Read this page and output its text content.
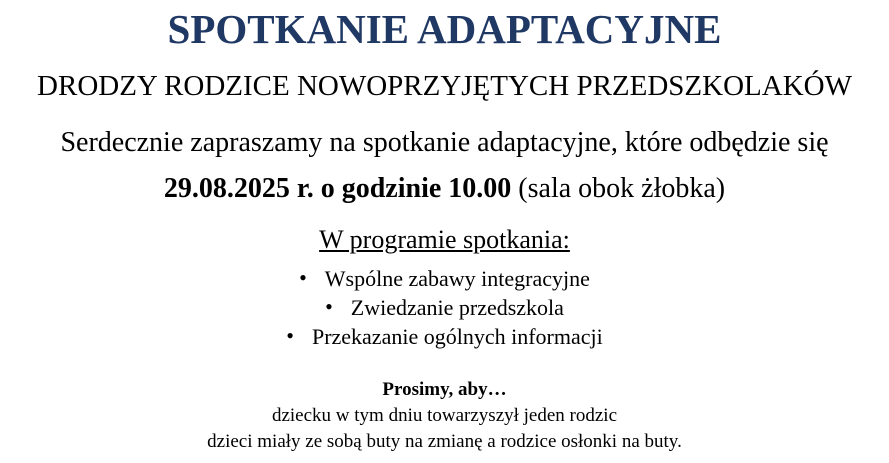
SPOTKANIE ADAPTACYJNE
DRODZY RODZICE NOWOPRZYJĘTYCH PRZEDSZKOLAKÓW

Serdecznie zapraszamy na spotkanie adaptacyjne, które odbędzie się

29.08.2025 r. o godzinie 10.00 (sala obok żłobka)

W programie spotkania:

• Wspólne zabawy integracyjne
• Zwiedzanie przedszkola
• Przekazanie ogólnych informacji

Prosimy, aby…

dziecku w tym dniu towarzyszył jeden rodzic

dzieci miały ze sobą buty na zmianę a rodzice osłonki na buty.
